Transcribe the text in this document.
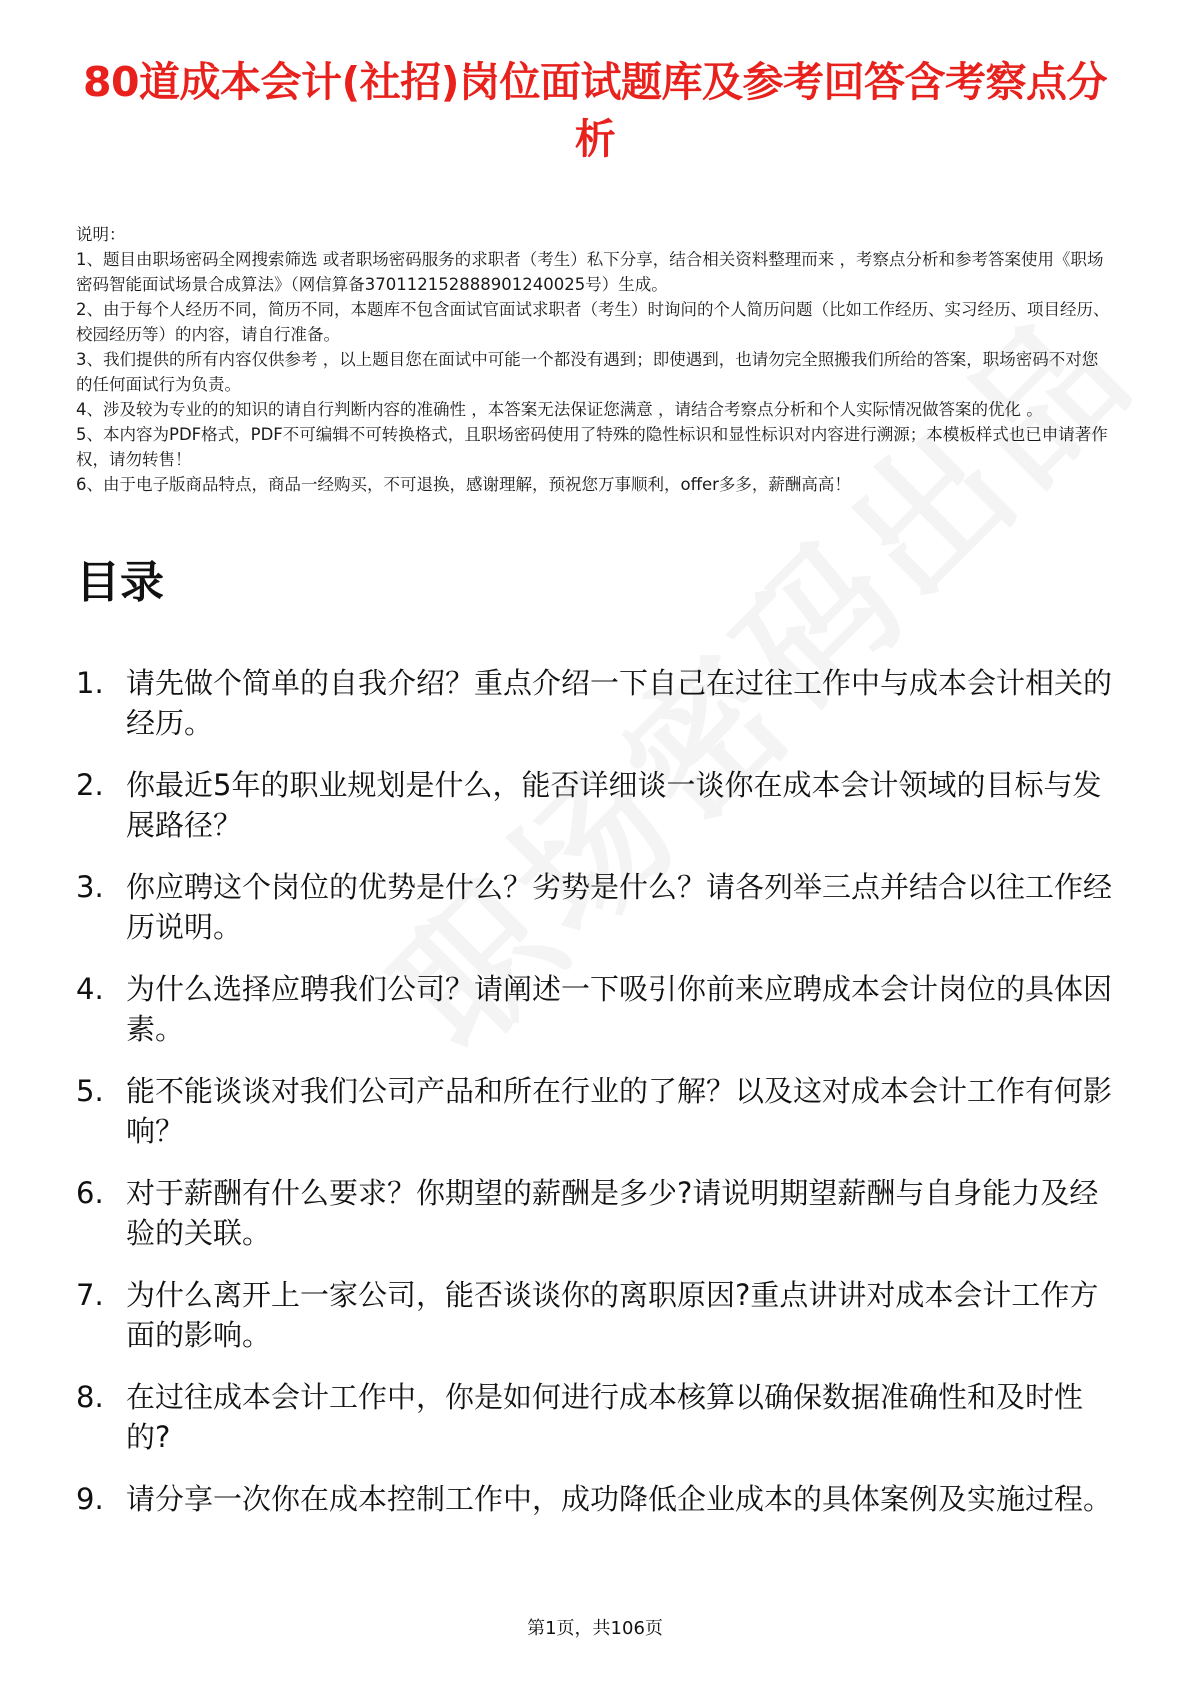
80道成本会计(社招)岗位面试题库及参考回答含考察点分析

说明：

1、题目由职场密码全网搜索筛选 或者职场密码服务的求职者（考生）私下分享，结合相关资料整理而来 ，考察点分析和参考答案使用《职场密码智能面试场景合成算法》（网信算备370112152888901240025号）生成。

2、由于每个人经历不同，简历不同，本题库不包含面试官面试求职者（考生）时询问的个人简历问题（比如工作经历、实习经历、项目经历、校园经历等）的内容，请自行准备。

3、我们提供的所有内容仅供参考 ，以上题目您在面试中可能一个都没有遇到；即使遇到，也请勿完全照搬我们所给的答案，职场密码不对您的任何面试行为负责。

4、涉及较为专业的的知识的请自行判断内容的准确性 ，本答案无法保证您满意 ，请结合考察点分析和个人实际情况做答案的优化 。

5、本内容为PDF格式，PDF不可编辑不可转换格式，且职场密码使用了特殊的隐性标识和显性标识对内容进行溯源；本模板样式也已申请著作权，请勿转售！

6、由于电子版商品特点，商品一经购买，不可退换，感谢理解，预祝您万事顺利，offer多多，薪酬高高！

目录
1. 请先做个简单的自我介绍？重点介绍一下自己在过往工作中与成本会计相关的经历。
2. 你最近5年的职业规划是什么，能否详细谈一谈你在成本会计领域的目标与发展路径？
3. 你应聘这个岗位的优势是什么？劣势是什么？请各列举三点并结合以往工作经历说明。
4. 为什么选择应聘我们公司？请阐述一下吸引你前来应聘成本会计岗位的具体因素。
5. 能不能谈谈对我们公司产品和所在行业的了解？以及这对成本会计工作有何影响？
6. 对于薪酬有什么要求？你期望的薪酬是多少?请说明期望薪酬与自身能力及经验的关联。
7. 为什么离开上一家公司，能否谈谈你的离职原因?重点讲讲对成本会计工作方面的影响。
8. 在过往成本会计工作中，你是如何进行成本核算以确保数据准确性和及时性的?
9. 请分享一次你在成本控制工作中，成功降低企业成本的具体案例及实施过程。
第1页，共106页
